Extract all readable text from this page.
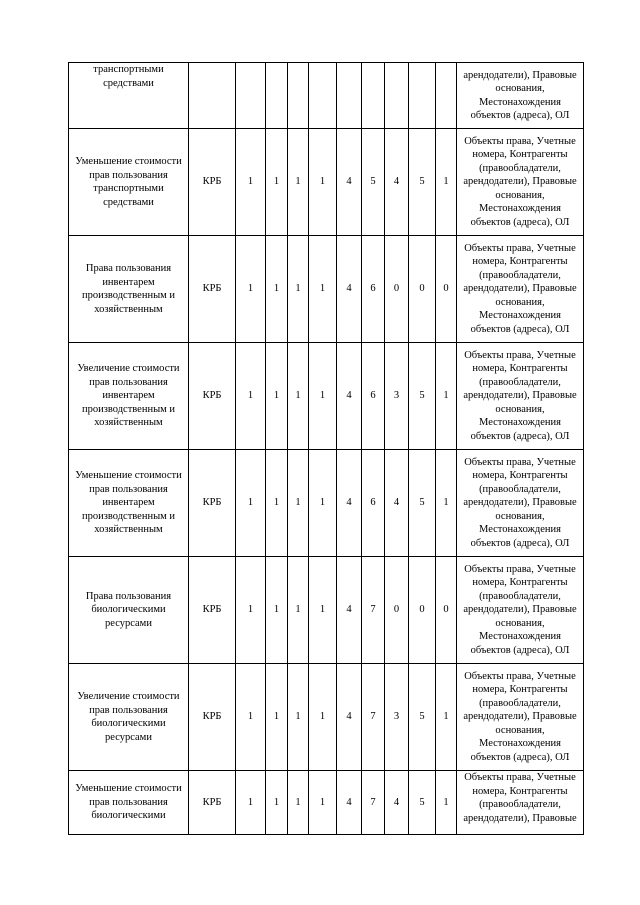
транспортными средствами											арендодатели), Правовые основания, Местонахождения объектов (адреса), ОЛ
Уменьшение стоимости прав пользования транспортными средствами	КРБ	1	1	1	1	4	5	4	5	1	Объекты права, Учетные номера, Контрагенты (правообладатели, арендодатели), Правовые основания, Местонахождения объектов (адреса), ОЛ
Права пользования инвентарем производственным и хозяйственным	КРБ	1	1	1	1	4	6	0	0	0	Объекты права, Учетные номера, Контрагенты (правообладатели, арендодатели), Правовые основания, Местонахождения объектов (адреса), ОЛ
Увеличение стоимости прав пользования инвентарем производственным и хозяйственным	КРБ	1	1	1	1	4	6	3	5	1	Объекты права, Учетные номера, Контрагенты (правообладатели, арендодатели), Правовые основания, Местонахождения объектов (адреса), ОЛ
Уменьшение стоимости прав пользования инвентарем производственным и хозяйственным	КРБ	1	1	1	1	4	6	4	5	1	Объекты права, Учетные номера, Контрагенты (правообладатели, арендодатели), Правовые основания, Местонахождения объектов (адреса), ОЛ
Права пользования биологическими ресурсами	КРБ	1	1	1	1	4	7	0	0	0	Объекты права, Учетные номера, Контрагенты (правообладатели, арендодатели), Правовые основания, Местонахождения объектов (адреса), ОЛ
Увеличение стоимости прав пользования биологическими ресурсами	КРБ	1	1	1	1	4	7	3	5	1	Объекты права, Учетные номера, Контрагенты (правообладатели, арендодатели), Правовые основания, Местонахождения объектов (адреса), ОЛ
Уменьшение стоимости прав пользования биологическими	КРБ	1	1	1	1	4	7	4	5	1	Объекты права, Учетные номера, Контрагенты (правообладатели, арендодатели), Правовые
